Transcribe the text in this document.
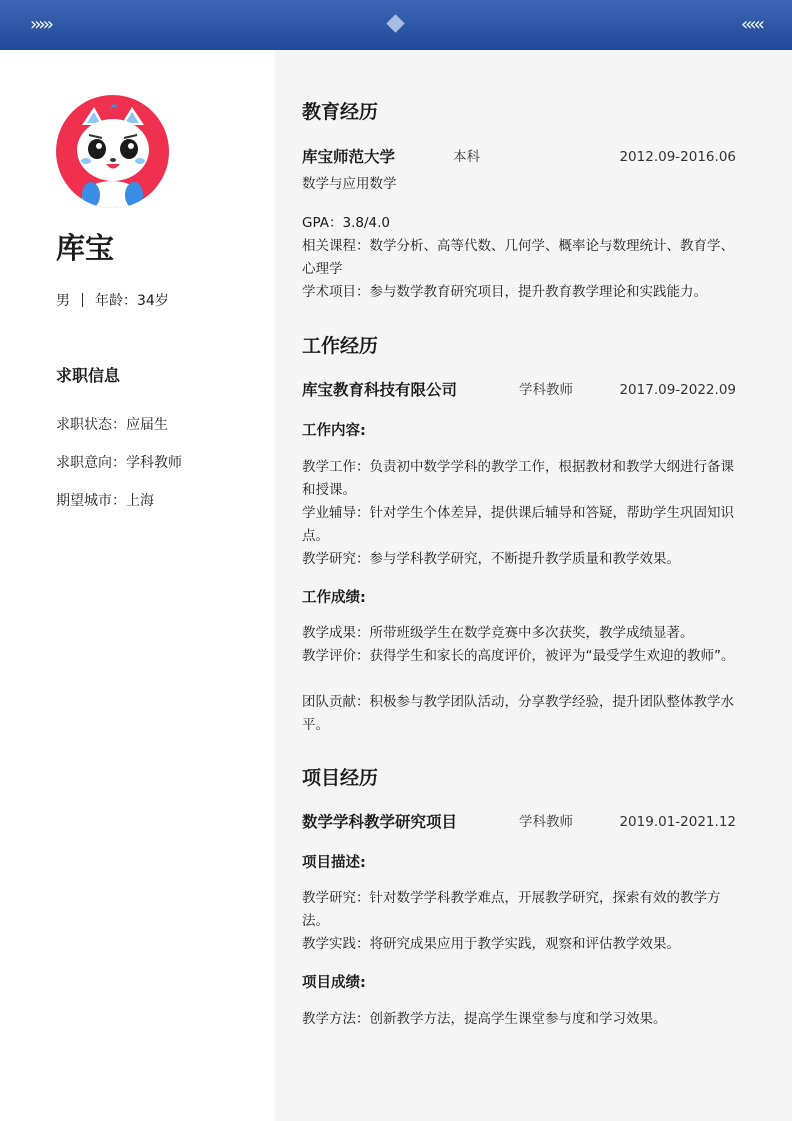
›››››	‹‹‹‹‹
库宝
男 年龄：34岁
求职信息
求职状态：应届生
求职意向：学科教师
期望城市：上海
教育经历
库宝师范大学	本科	2012.09-2016.06
数学与应用数学
GPA：3.8/4.0
相关课程：数学分析、高等代数、几何学、概率论与数理统计、教育学、心理学
学术项目：参与数学教育研究项目，提升教育教学理论和实践能力。
工作经历
库宝教育科技有限公司	学科教师	2017.09-2022.09
工作内容:
教学工作：负责初中数学学科的教学工作，根据教材和教学大纲进行备课和授课。
学业辅导：针对学生个体差异，提供课后辅导和答疑，帮助学生巩固知识点。
教学研究：参与学科教学研究，不断提升教学质量和教学效果。
工作成绩:
教学成果：所带班级学生在数学竞赛中多次获奖，教学成绩显著。
教学评价：获得学生和家长的高度评价，被评为“最受学生欢迎的教师”。
团队贡献：积极参与教学团队活动，分享教学经验，提升团队整体教学水平。
项目经历
数学学科教学研究项目	学科教师	2019.01-2021.12
项目描述:
教学研究：针对数学学科教学难点，开展教学研究，探索有效的教学方法。
教学实践：将研究成果应用于教学实践，观察和评估教学效果。
项目成绩:
教学方法：创新教学方法，提高学生课堂参与度和学习效果。
